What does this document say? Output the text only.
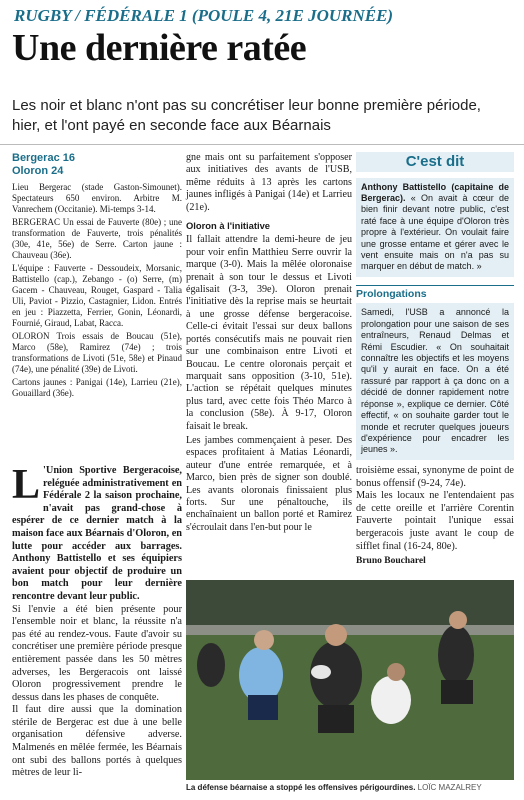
RUGBY / FÉDÉRALE 1 (POULE 4, 21E JOURNÉE)
Une dernière ratée
Les noir et blanc n'ont pas su concrétiser leur bonne première période, hier, et l'ont payé en seconde face aux Béarnais
Bergerac 16
Oloron 24

Lieu Bergerac (stade Gaston-Simounet). Spectateurs 650 environ. Arbitre M. Vanrechem (Occitanie). Mi-temps 3-14.

BERGERAC Un essai de Fauverte (80e) ; une transformation de Fauverte, trois pénalités (30e, 41e, 56e) de Serre. Carton jaune : Chauveau (36e).

L'équipe : Fauverte - Dessoudeix, Morsanic, Battistello (cap.), Zebango - (o) Serre, (m) Gacem - Chauveau, Rouget, Gaspard - Talia Uli, Paviot - Pizzio, Castagnier, Lidon. Entrés en jeu : Piazzetta, Ferrier, Gonin, Léonardi, Fournié, Giraud, Labat, Racca.

OLORON Trois essais de Boucau (51e), Marco (58e), Ramirez (74e) ; trois transformations de Livoti (51e, 58e) et Pinaud (74e), une pénalité (39e) de Livoti.

Cartons jaunes : Panigai (14e), Larrieu (21e), Gouaillard (36e).

gne mais ont su parfaitement s'opposer aux initiatives des avants de l'USB, même réduits à 13 après les cartons jaunes infligés à Panigai (14e) et Larrieu (21e).

Oloron à l'initiative

Il fallait attendre la demi-heure de jeu pour voir enfin Matthieu Serre ouvrir la marque (3-0). Mais la mêlée oloronaise prenait à son tour le dessus et Livoti égalisait (3-3, 39e). Oloron prenait l'initiative dès la reprise mais se heurtait à une grosse défense bergeracoise. Celle-ci évitait l'essai sur deux ballons portés consécutifs mais ne pouvait rien sur une combinaison entre Livoti et Boucau. Le centre oloronais perçait et marquait sans opposition (3-10, 51e). L'action se répétait quelques minutes plus tard, avec cette fois Théo Marco à la conclusion (58e). À 9-17, Oloron faisait le break.

Les jambes commençaient à peser. Des espaces profitaient à Matias Léonardi, auteur d'une entrée remarquée, et à Marco, bien près de signer son doublé. Les avants oloronais finissaient plus forts. Sur une pénaltouche, ils enchaînaient un ballon porté et Ramirez s'écroulait dans l'en-but pour le

C'est dit
Anthony Battistello (capitaine de Bergerac). « On avait à cœur de bien finir devant notre public, c'est raté face à une équipe d'Oloron très propre à l'extérieur. On voulait faire une grosse entame et gérer avec le vent ensuite mais on n'a pas su marquer en début de match. »
Prolongations
Samedi, l'USB a annoncé la prolongation pour une saison de ses entraîneurs, Renaud Delmas et Rémi Escudier. « On souhaitait connaître les objectifs et les moyens qu'il y aurait en face. On a été rassuré par rapport à ça donc on a décidé de donner rapidement notre réponse », explique ce dernier. Côté effectif, « on souhaite garder tout le monde et recruter quelques joueurs d'expérience pour encadrer les jeunes ».
L 'Union Sportive Bergeracoise, reléguée administrativement en Fédérale 2 la saison prochaine, n'avait pas grand-chose à espérer de ce dernier match à la maison face aux Béarnais d'Oloron, en lutte pour accéder aux barrages. Anthony Battistello et ses équipiers avaient pour objectif de produire un bon match pour leur dernière rencontre devant leur public.
Si l'envie a été bien présente pour l'ensemble noir et blanc, la réussite n'a pas été au rendez-vous. Faute d'avoir su concrétiser une première période presque entièrement passée dans les 50 mètres adverses, les Bergeracois ont laissé Oloron progressivement prendre le dessus dans les phases de conquête.
Il faut dire aussi que la domination stérile de Bergerac est due à une belle organisation défensive adverse. Malmenés en mêlée fermée, les Béarnais ont subi des ballons portés à quelques mètres de leur li-
troisième essai, synonyme de point de bonus offensif (9-24, 74e).
Mais les locaux ne l'entendaient pas de cette oreille et l'arrière Corentin Fauverte pointait l'unique essai bergeracois juste avant le coup de sifflet final (16-24, 80e).
Bruno Boucharel
La défense béarnaise a stoppé les offensives périgourdines. LOÏC MAZALREY
